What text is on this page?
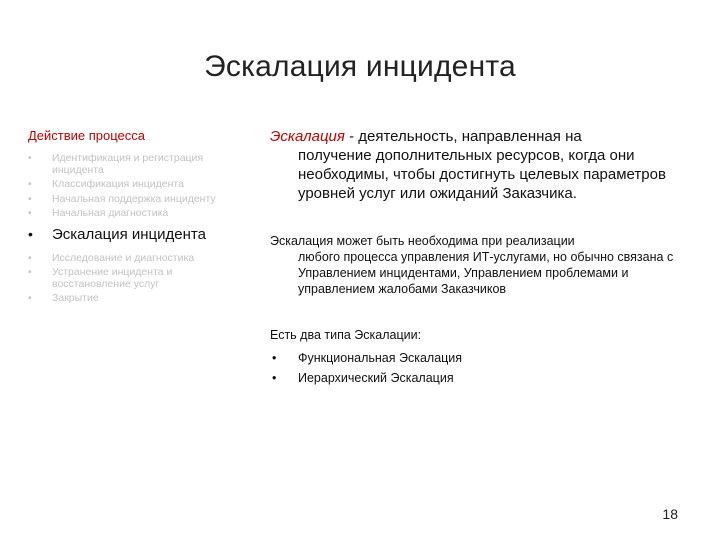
Эскалация инцидента
Действие процесса
• Идентификация и регистрация инцидента
• Классификация инцидента
• Начальная поддержка инциденту
• Начальная диагностика
• Эскалация инцидента
• Исследование и диагностика
• Устранение инцидента и восстановление услуг
• Закрытие
Эскалация - деятельность, направленная на
получение дополнительных ресурсов, когда они необходимы, чтобы достигнуть целевых параметров уровней услуг или ожиданий Заказчика.
Эскалация может быть необходима при реализации
любого процесса управления ИТ-услугами, но обычно связана с Управлением инцидентами, Управлением проблемами и управлением жалобами Заказчиков
Есть два типа Эскалации:
• Функциональная Эскалация
• Иерархический Эскалация
18
